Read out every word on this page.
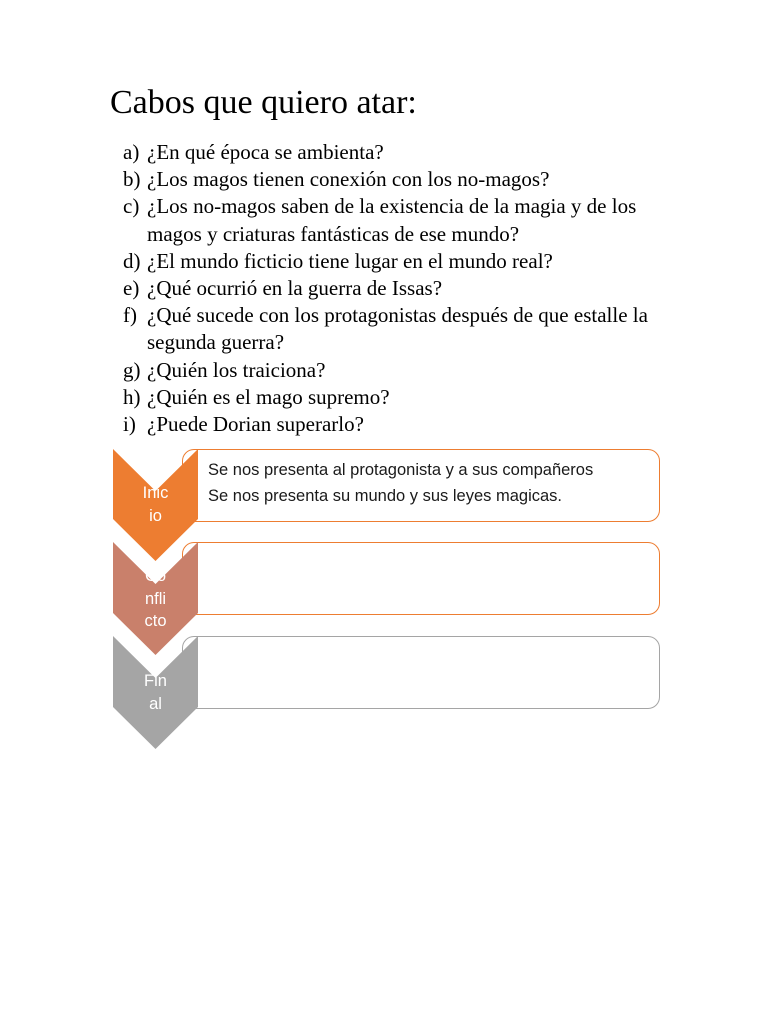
Cabos que quiero atar:
a) ¿En qué época se ambienta?
b) ¿Los magos tienen conexión con los no-magos?
c) ¿Los no-magos saben de la existencia de la magia y de los magos y criaturas fantásticas de ese mundo?
d) ¿El mundo ficticio tiene lugar en el mundo real?
e) ¿Qué ocurrió en la guerra de Issas?
f) ¿Qué sucede con los protagonistas después de que estalle la segunda guerra?
g) ¿Quién los traiciona?
h) ¿Quién es el mago supremo?
i) ¿Puede Dorian superarlo?

Se nos presenta al protagonista y a sus compañeros
Se nos presenta su mundo y sus leyes magicas.

Inic
io
Co
nfli
cto
Fin
al
